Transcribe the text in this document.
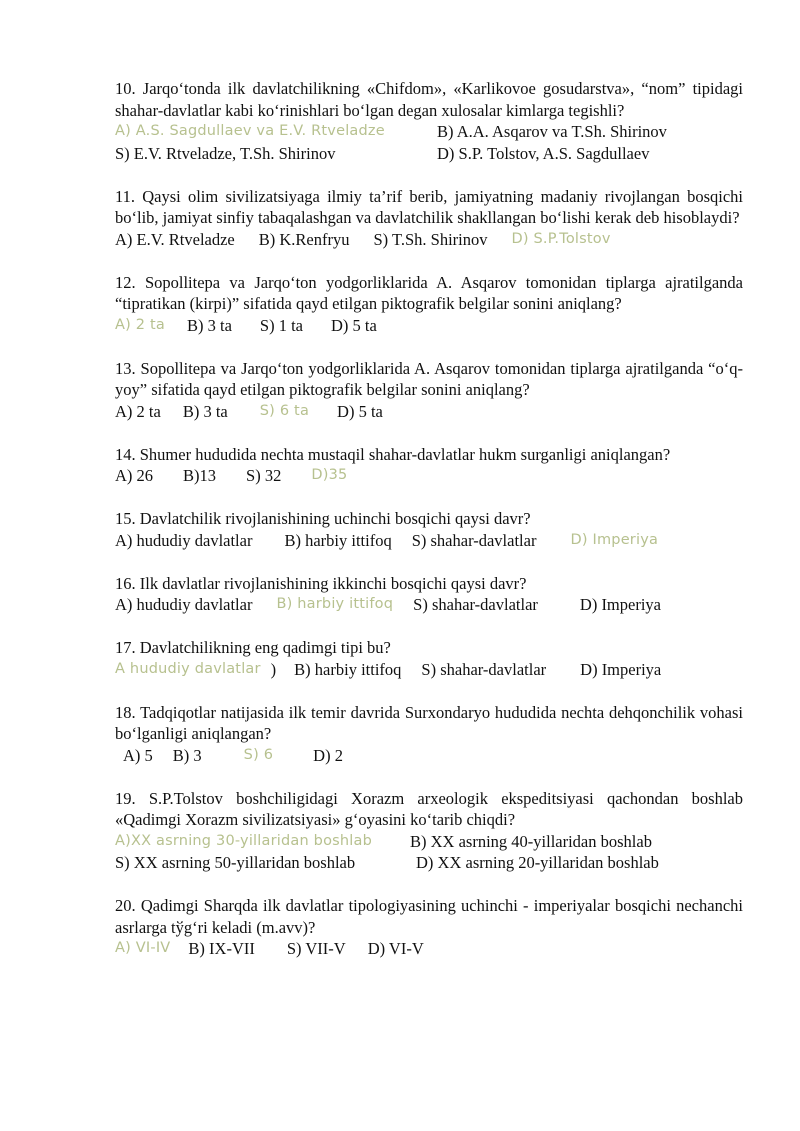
10. Jarqo‘tonda ilk davlatchilikning «Chifdom», «Karlikovoe gosudarstva», “nom” tipidagi shahar-davlatlar kabi ko‘rinishlari bo‘lgan degan xulosalar kimlarga tegishli?
A) A.S. Sagdullaev va E.V. Rtveladze	B) A.A. Asqarov va T.Sh. Shirinov
S) E.V. Rtveladze, T.Sh. Shirinov	D) S.P. Tolstov, A.S. Sagdullaev
11. Qaysi olim sivilizatsiyaga ilmiy ta’rif berib, jamiyatning madaniy rivojlangan bosqichi bo‘lib, jamiyat sinfiy tabaqalashgan va davlatchilik shakllangan bo‘lishi kerak deb hisoblaydi?
A) E.V. Rtveladze B) K.Renfryu S) T.Sh. Shirinov D) S.P.Tolstov
12. Sopollitepa va Jarqo‘ton yodgorliklarida A. Asqarov tomonidan tiplarga ajratilganda “tipratikan (kirpi)” sifatida qayd etilgan piktografik belgilar sonini aniqlang?
A) 2 ta B) 3 ta S) 1 ta D) 5 ta
13. Sopollitepa va Jarqo‘ton yodgorliklarida A. Asqarov tomonidan tiplarga ajratilganda “o‘q-yoy” sifatida qayd etilgan piktografik belgilar sonini aniqlang?
A) 2 ta B) 3 ta S) 6 ta D) 5 ta
14. Shumer hududida nechta mustaqil shahar-davlatlar hukm surganligi aniqlangan?
A) 26 B)13 S) 32 D)35
15. Davlatchilik rivojlanishining uchinchi bosqichi qaysi davr?
A) hududiy davlatlar B) harbiy ittifoq S) shahar-davlatlar D) Imperiya
16. Ilk davlatlar rivojlanishining ikkinchi bosqichi qaysi davr?
A) hududiy davlatlar B) harbiy ittifoq S) shahar-davlatlar	D) Imperiya
17. Davlatchilikning eng qadimgi tipi bu?
A hududiy davlatlar ) B) harbiy ittifoq S) shahar-davlatlar D) Imperiya
18. Tadqiqotlar natijasida ilk temir davrida Surxondaryo hududida nechta dehqonchilik vohasi bo‘lganligi aniqlangan?
A) 5 B) 3	S) 6 D) 2
19. S.P.Tolstov boshchiligidagi Xorazm arxeologik ekspeditsiyasi qachondan boshlab «Qadimgi Xorazm sivilizatsiyasi» g‘oyasini ko‘tarib chiqdi?
A)XX asrning 30-yillaridan boshlab	B) XX asrning 40-yillaridan boshlab
S) XX asrning 50-yillaridan boshlab	D) XX asrning 20-yillaridan boshlab
20. Qadimgi Sharqda ilk davlatlar tipologiyasining uchinchi - imperiyalar bosqichi nechanchi asrlarga tўg‘ri keladi (m.avv)?
A) VI-IV B) IX-VII S) VII-V D) VI-V
